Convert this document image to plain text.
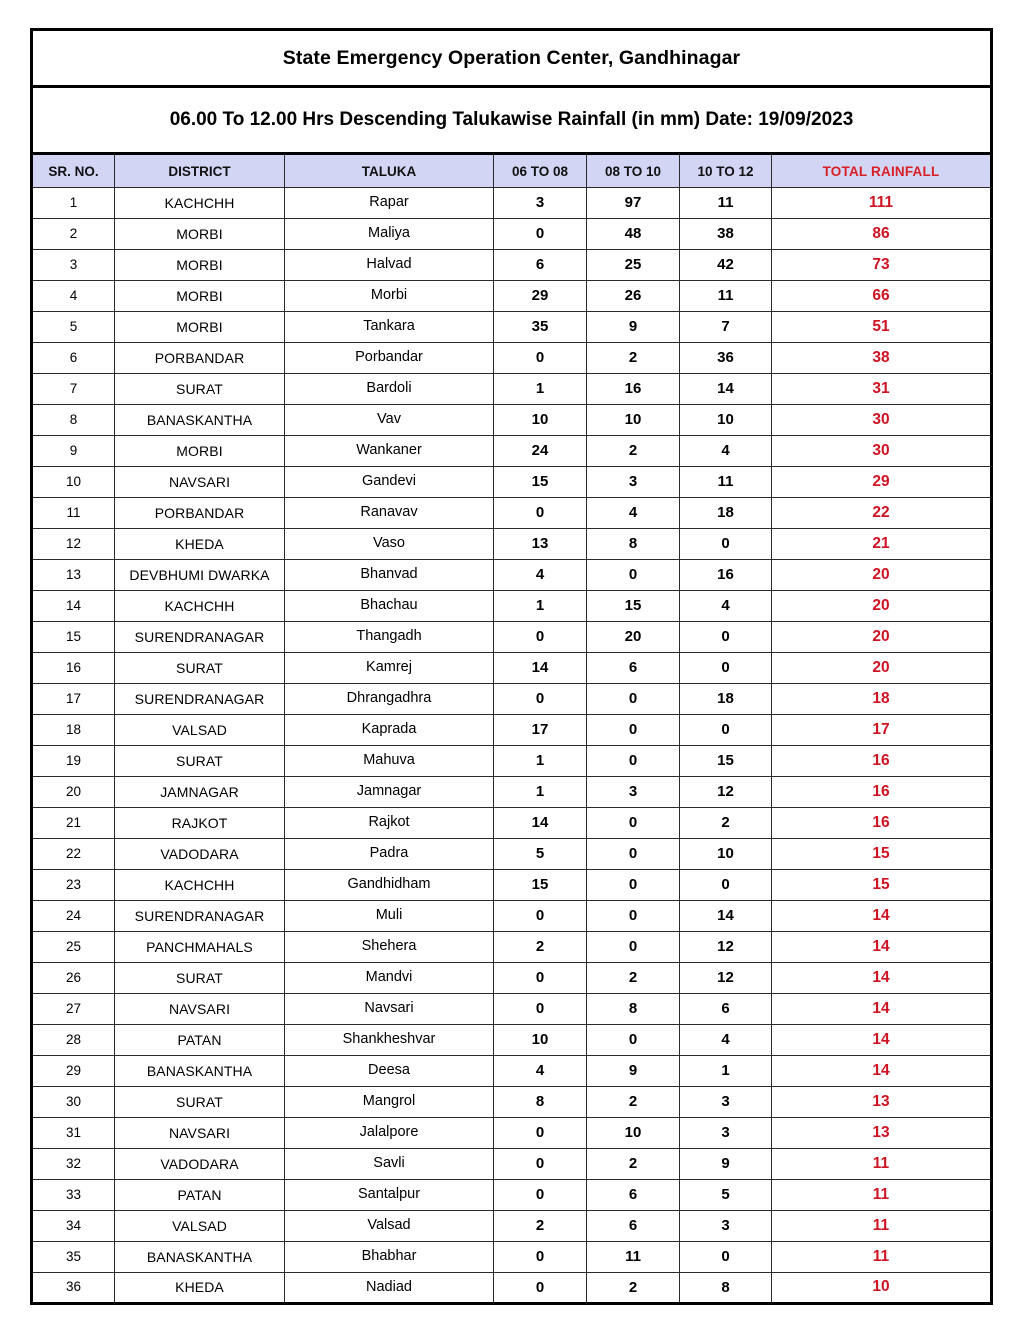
State Emergency Operation Center, Gandhinagar						
06.00 To 12.00 Hrs Descending Talukawise Rainfall (in mm) Date: 19/09/2023						
SR. NO.	DISTRICT	TALUKA	06 TO 08	08 TO 10	10 TO 12	TOTAL RAINFALL
1	KACHCHH	Rapar	3	97	11	111
2	MORBI	Maliya	0	48	38	86
3	MORBI	Halvad	6	25	42	73
4	MORBI	Morbi	29	26	11	66
5	MORBI	Tankara	35	9	7	51
6	PORBANDAR	Porbandar	0	2	36	38
7	SURAT	Bardoli	1	16	14	31
8	BANASKANTHA	Vav	10	10	10	30
9	MORBI	Wankaner	24	2	4	30
10	NAVSARI	Gandevi	15	3	11	29
11	PORBANDAR	Ranavav	0	4	18	22
12	KHEDA	Vaso	13	8	0	21
13	DEVBHUMI DWARKA	Bhanvad	4	0	16	20
14	KACHCHH	Bhachau	1	15	4	20
15	SURENDRANAGAR	Thangadh	0	20	0	20
16	SURAT	Kamrej	14	6	0	20
17	SURENDRANAGAR	Dhrangadhra	0	0	18	18
18	VALSAD	Kaprada	17	0	0	17
19	SURAT	Mahuva	1	0	15	16
20	JAMNAGAR	Jamnagar	1	3	12	16
21	RAJKOT	Rajkot	14	0	2	16
22	VADODARA	Padra	5	0	10	15
23	KACHCHH	Gandhidham	15	0	0	15
24	SURENDRANAGAR	Muli	0	0	14	14
25	PANCHMAHALS	Shehera	2	0	12	14
26	SURAT	Mandvi	0	2	12	14
27	NAVSARI	Navsari	0	8	6	14
28	PATAN	Shankheshvar	10	0	4	14
29	BANASKANTHA	Deesa	4	9	1	14
30	SURAT	Mangrol	8	2	3	13
31	NAVSARI	Jalalpore	0	10	3	13
32	VADODARA	Savli	0	2	9	11
33	PATAN	Santalpur	0	6	5	11
34	VALSAD	Valsad	2	6	3	11
35	BANASKANTHA	Bhabhar	0	11	0	11
36	KHEDA	Nadiad	0	2	8	10
